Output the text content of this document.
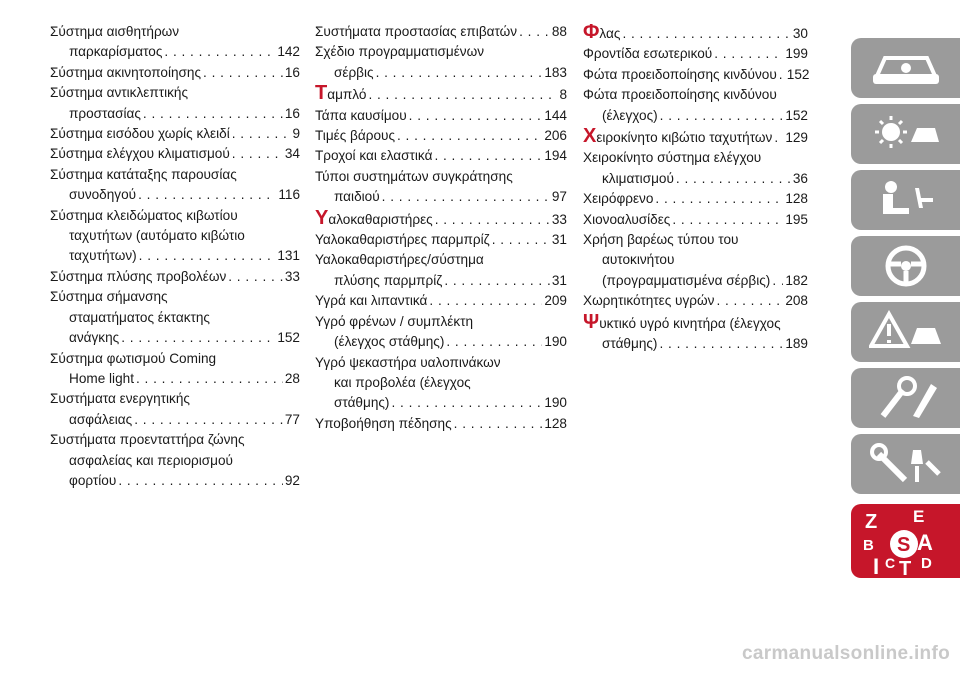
Σύστημα αισθητήρων
παρκαρίσματος . . .	142
Σύστημα ακινητοποίησης . . .	16
Σύστημα αντικλεπτικής
προστασίας . . .	16
Σύστημα εισόδου χωρίς κλειδί . . .	9
Σύστημα ελέγχου κλιματισμού . . .	34
Σύστημα κατάταξης παρουσίας
συνοδηγού . . .	116
Σύστημα κλειδώματος κιβωτίου
ταχυτήτων (αυτόματο κιβώτιο
ταχυτήτων) . . .	131
Σύστημα πλύσης προβολέων . . .	33
Σύστημα σήμανσης
σταματήματος έκτακτης
ανάγκης . . .	152
Σύστημα φωτισμού Coming
Home light . . .	28
Συστήματα ενεργητικής
ασφάλειας . . .	77
Συστήματα προενταττήρα ζώνης
ασφαλείας και περιορισμού
φορτίου . . .	92
Συστήματα προστασίας επιβατών . . .	88
Σχέδιο προγραμματισμένων
σέρβις . . .	183
Τ αμπλό . . .	8
Τάπα καυσίμου . . .	144
Τιμές βάρους . . .	206
Τροχοί και ελαστικά . . .	194
Τύποι συστημάτων συγκράτησης
παιδιού . . .	97
Υ αλοκαθαριστήρες . . .	33
Υαλοκαθαριστήρες παρμπρίζ . . .	31
Υαλοκαθαριστήρες/σύστημα
πλύσης παρμπρίζ . . .	31
Υγρά και λιπαντικά . . .	209
Υγρό φρένων / συμπλέκτη
(έλεγχος στάθμης) . . .	190
Υγρό ψεκαστήρα υαλοπινάκων
και προβολέα (έλεγχος
στάθμης) . . .	190
Υποβοήθηση πέδησης . . .	128
Φ λας . . .	30
Φροντίδα εσωτερικού . . .	199
Φώτα προειδοποίησης κινδύνου . . . 152
Φώτα προειδοποίησης κινδύνου
(έλεγχος) . . .	152
Χ ειροκίνητο κιβώτιο ταχυτήτων . . . 129
Χειροκίνητο σύστημα ελέγχου
κλιματισμού . . .	36
Χειρόφρενο . . .	128
Χιονοαλυσίδες . . .	195
Χρήση βαρέως τύπου του
αυτοκινήτου
(προγραμματισμένα σέρβις) . . . 182
Χωρητικότητες υγρών . . .	208
Ψ υκτικό υγρό κινητήρα (έλεγχος
στάθμης) . . .	189
Z E
B S A
I C T D
carmanualsonline.info
